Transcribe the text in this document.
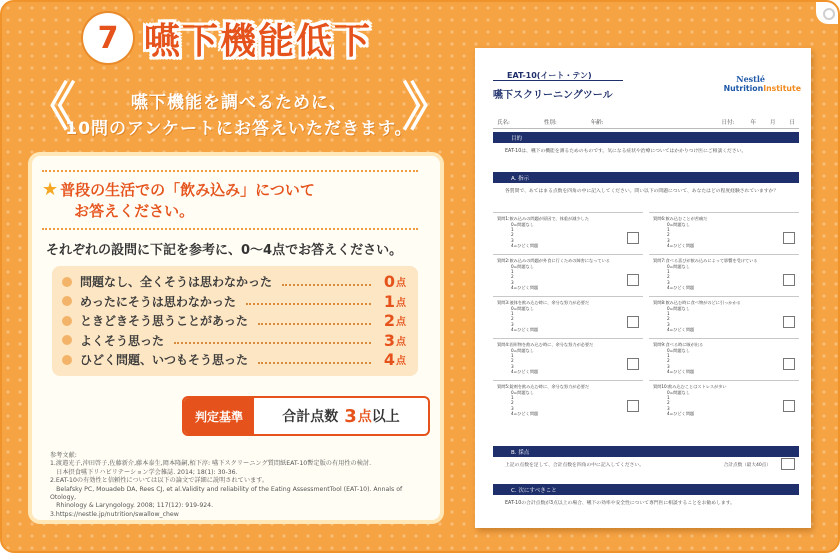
7 嚥下機能低下
《	》
嚥下機能を調べるために、
10問のアンケートにお答えいただきます。
★ 普段の生活での「飲み込み」について
お答えください。
それぞれの設問に下記を参考に、0～4点でお答えください。
問題なし、全くそうは思わなかった	0 点
めったにそうは思わなかった	1 点
ときどきそう思うことがあった	2 点
よくそう思った	3 点
ひどく問題、いつもそう思った	4 点
判定基準	合計点数 3 点 以上
参考文献:
1.渡邉光子,沖田啓子,佐藤新介,藤本泰生,岡本隆嗣,栢下淳: 嚥下スクリーニング質問紙EAT-10暫定版の有用性の検討.
　日本摂食嚥下リハビリテーション学会雑誌. 2014; 18(1): 30-36.
2.EAT-10の有効性と信頼性については以下の論文で詳細に説明されています。
　Belafsky PC, Mouadeb DA, Rees CJ, et al.Validity and reliability of the Eating AssessmentTool (EAT-10). Annals of Otology,
　Rhinology & Laryngology. 2008; 117(12): 919-924.
3.https://nestle.jp/nutrition/swallow_chew
EAT-10(イート・テン)
嚥下スクリーニングツール
Nestlé
NutritionInstitute
氏名:	性別:	年齢:	日付:	年	月	日
目的
EAT-10は、嚥下の機能を測るためのものです。気になる症状や治療についてはかかりつけ医にご相談ください。
A. 指示
各質問で、あてはまる点数を四角の中に記入してください。問い以下の問題について、あなたはどの程度経験されていますか？
質問1:飲み込みの問題が原因で、体重が減少した
0=問題なし
1
2
3
4=ひどく問題
質問6:飲み込むことが苦痛だ
0=問題なし
1
2
3
4=ひどく問題
質問2:飲み込みの問題が外食に行くための障害になっている
0=問題なし
1
2
3
4=ひどく問題
質問7:食べる喜びが飲み込みによって影響を受けている
0=問題なし
1
2
3
4=ひどく問題
質問3:液体を飲み込む時に、余分な努力が必要だ
0=問題なし
1
2
3
4=ひどく問題
質問8:飲み込む時に食べ物がのどに引っかかる
0=問題なし
1
2
3
4=ひどく問題
質問4:固形物を飲み込む時に、余分な努力が必要だ
0=問題なし
1
2
3
4=ひどく問題
質問9:食べる時に咳が出る
0=問題なし
1
2
3
4=ひどく問題
質問5:錠剤を飲み込む時に、余分な努力が必要だ
0=問題なし
1
2
3
4=ひどく問題
質問10:飲み込むことはストレスが多い
0=問題なし
1
2
3
4=ひどく問題
B. 採点
上記の点数を足して、合計点数を四角の中に記入してください。	合計点数（最大40点）
C. 次にすべきこと
EAT-10の合計点数が3点以上の場合、嚥下の効率や安全性について専門医に相談することをお勧めします。
